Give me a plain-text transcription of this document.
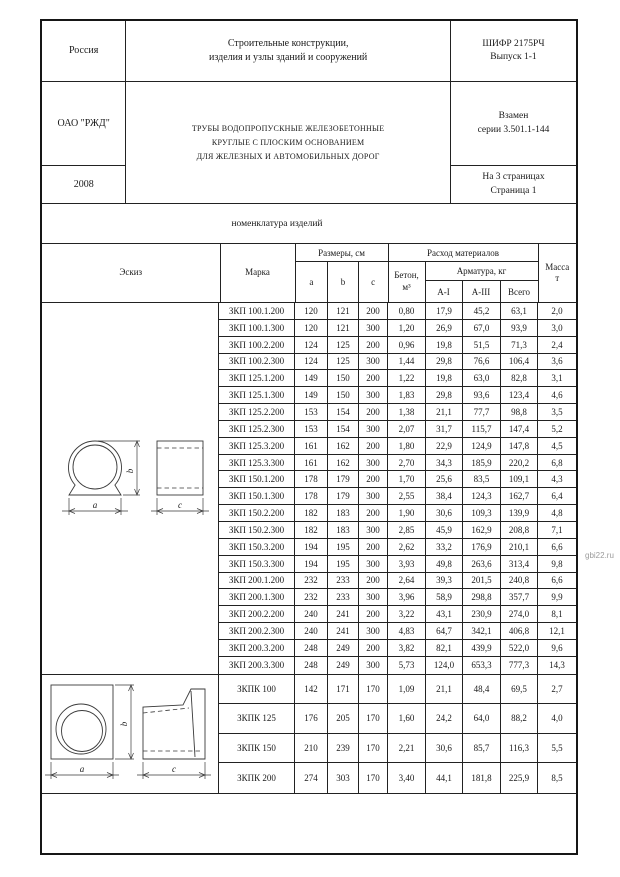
Россия
ОАО "РЖД"
2008
Строительные конструкции,
изделия и узлы зданий и сооружений
ТРУБЫ ВОДОПРОПУСКНЫЕ ЖЕЛЕЗОБЕТОННЫЕ
КРУГЛЫЕ С ПЛОСКИМ ОСНОВАНИЕМ
ДЛЯ ЖЕЛЕЗНЫХ И АВТОМОБИЛЬНЫХ ДОРОГ
ШИФР 2175РЧ
Выпуск 1-1
Взамен
серии 3.501.1-144
На 3 страницах
Страница 1
номенклатура изделий
Эскиз	Марка
Размеры, см
a	b	c
Расход материалов
Бетон,
м³
Арматура, кг
А-I	А-III	Всего
Масса
т
a
b
c
ЗКП 100.1.200	120	121	200	0,80	17,9	45,2	63,1	2,0
ЗКП 100.1.300	120	121	300	1,20	26,9	67,0	93,9	3,0
ЗКП 100.2.200	124	125	200	0,96	19,8	51,5	71,3	2,4
ЗКП 100.2.300	124	125	300	1,44	29,8	76,6	106,4	3,6
ЗКП 125.1.200	149	150	200	1,22	19,8	63,0	82,8	3,1
ЗКП 125.1.300	149	150	300	1,83	29,8	93,6	123,4	4,6
ЗКП 125.2.200	153	154	200	1,38	21,1	77,7	98,8	3,5
ЗКП 125.2.300	153	154	300	2,07	31,7	115,7	147,4	5,2
ЗКП 125.3.200	161	162	200	1,80	22,9	124,9	147,8	4,5
ЗКП 125.3.300	161	162	300	2,70	34,3	185,9	220,2	6,8
ЗКП 150.1.200	178	179	200	1,70	25,6	83,5	109,1	4,3
ЗКП 150.1.300	178	179	300	2,55	38,4	124,3	162,7	6,4
ЗКП 150.2.200	182	183	200	1,90	30,6	109,3	139,9	4,8
ЗКП 150.2.300	182	183	300	2,85	45,9	162,9	208,8	7,1
ЗКП 150.3.200	194	195	200	2,62	33,2	176,9	210,1	6,6
ЗКП 150.3.300	194	195	300	3,93	49,8	263,6	313,4	9,8
ЗКП 200.1.200	232	233	200	2,64	39,3	201,5	240,8	6,6
ЗКП 200.1.300	232	233	300	3,96	58,9	298,8	357,7	9,9
ЗКП 200.2.200	240	241	200	3,22	43,1	230,9	274,0	8,1
ЗКП 200.2.300	240	241	300	4,83	64,7	342,1	406,8	12,1
ЗКП 200.3.200	248	249	200	3,82	82,1	439,9	522,0	9,6
ЗКП 200.3.300	248	249	300	5,73	124,0	653,3	777,3	14,3
a
b
c
ЗКПК 100	142	171	170	1,09	21,1	48,4	69,5	2,7
ЗКПК 125	176	205	170	1,60	24,2	64,0	88,2	4,0
ЗКПК 150	210	239	170	2,21	30,6	85,7	116,3	5,5
ЗКПК 200	274	303	170	3,40	44,1	181,8	225,9	8,5
gbi22.ru
